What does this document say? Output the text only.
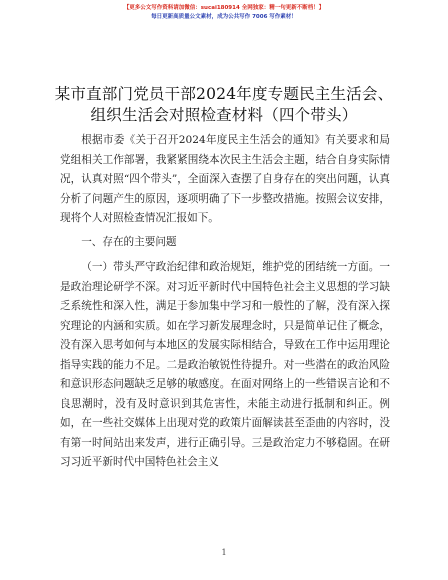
【更多公文写作资料请加微信：sucai180914 全网独家：精一句更新不断档！】
每日更新高质量公文素材，成为公共写作 7006 写作素材！
某市直部门党员干部2024年度专题民主生活会、组织生活会对照检查材料（四个带头）

根据市委《关于召开2024年度民主生活会的通知》有关要求和局党组相关工作部署，我紧紧围绕本次民主生活会主题，结合自身实际情况，认真对照“四个带头”，全面深入查摆了自身存在的突出问题，认真分析了问题产生的原因，逐项明确了下一步整改措施。按照会议安排，现将个人对照检查情况汇报如下。

一、存在的主要问题

（一）带头严守政治纪律和政治规矩，维护党的团结统一方面。一是政治理论研学不深。对习近平新时代中国特色社会主义思想的学习缺乏系统性和深入性，满足于参加集中学习和一般性的了解，没有深入探究理论的内涵和实质。如在学习新发展理念时，只是简单记住了概念，没有深入思考如何与本地区的发展实际相结合，导致在工作中运用理论指导实践的能力不足。二是政治敏锐性待提升。对一些潜在的政治风险和意识形态问题缺乏足够的敏感度。在面对网络上的一些错误言论和不良思潮时，没有及时意识到其危害性，未能主动进行抵制和纠正。例如，在一些社交媒体上出现对党的政策片面解读甚至歪曲的内容时，没有第一时间站出来发声，进行正确引导。三是政治定力不够稳固。在研习习近平新时代中国特色社会主义

1
